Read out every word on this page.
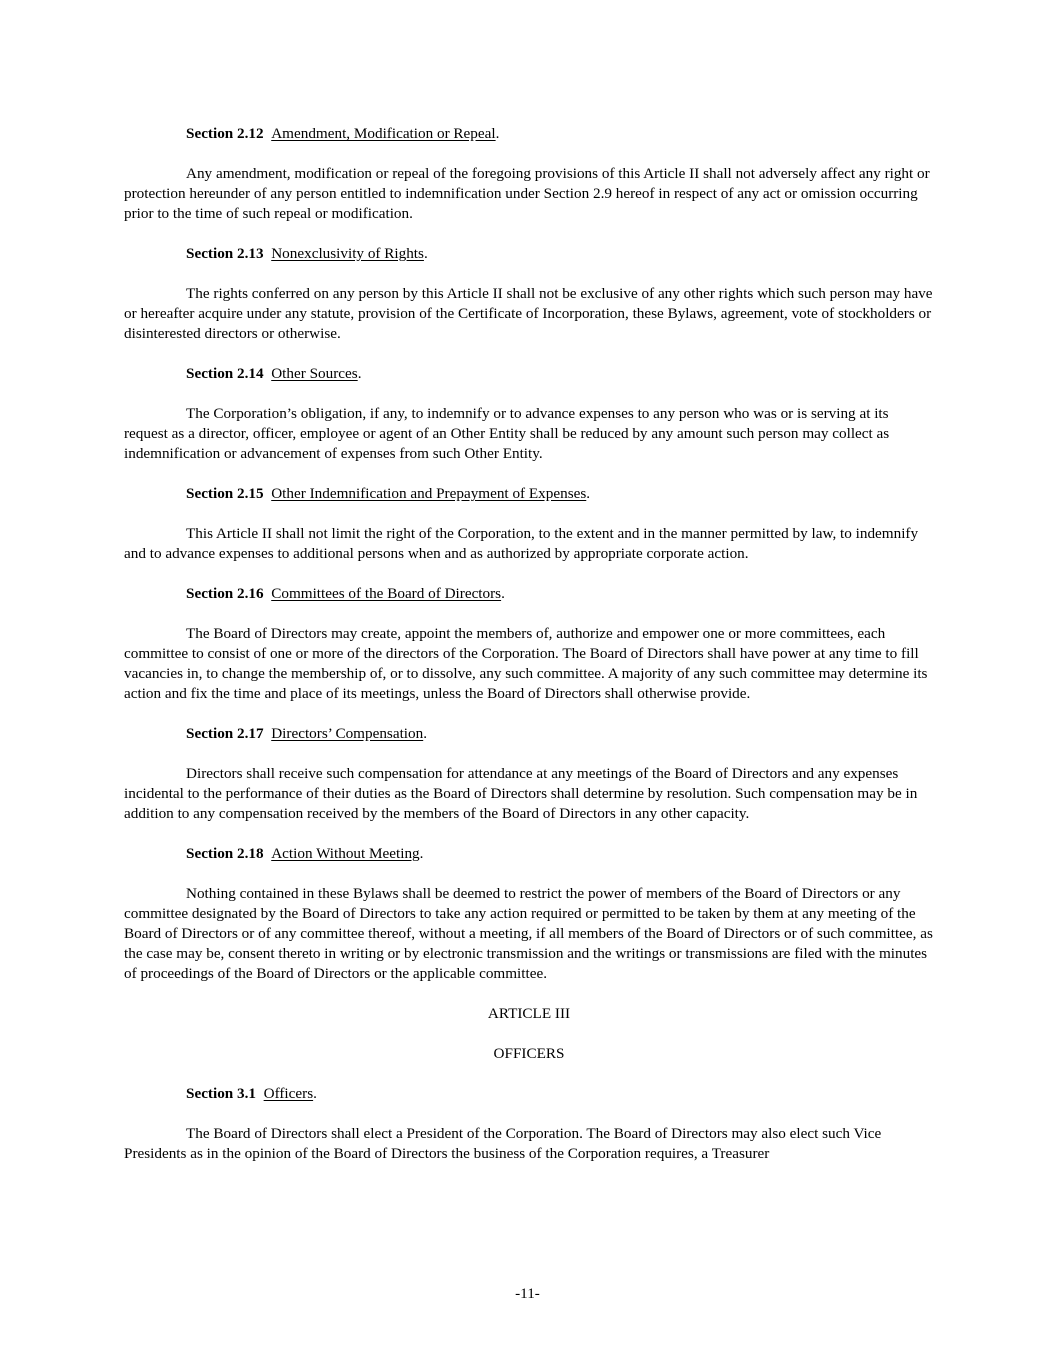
Section 2.12 Amendment, Modification or Repeal.
Any amendment, modification or repeal of the foregoing provisions of this Article II shall not adversely affect any right or protection hereunder of any person entitled to indemnification under Section 2.9 hereof in respect of any act or omission occurring prior to the time of such repeal or modification.
Section 2.13 Nonexclusivity of Rights.
The rights conferred on any person by this Article II shall not be exclusive of any other rights which such person may have or hereafter acquire under any statute, provision of the Certificate of Incorporation, these Bylaws, agreement, vote of stockholders or disinterested directors or otherwise.
Section 2.14 Other Sources.
The Corporation’s obligation, if any, to indemnify or to advance expenses to any person who was or is serving at its request as a director, officer, employee or agent of an Other Entity shall be reduced by any amount such person may collect as indemnification or advancement of expenses from such Other Entity.
Section 2.15 Other Indemnification and Prepayment of Expenses.
This Article II shall not limit the right of the Corporation, to the extent and in the manner permitted by law, to indemnify and to advance expenses to additional persons when and as authorized by appropriate corporate action.
Section 2.16 Committees of the Board of Directors.
The Board of Directors may create, appoint the members of, authorize and empower one or more committees, each committee to consist of one or more of the directors of the Corporation. The Board of Directors shall have power at any time to fill vacancies in, to change the membership of, or to dissolve, any such committee. A majority of any such committee may determine its action and fix the time and place of its meetings, unless the Board of Directors shall otherwise provide.
Section 2.17 Directors’ Compensation.
Directors shall receive such compensation for attendance at any meetings of the Board of Directors and any expenses incidental to the performance of their duties as the Board of Directors shall determine by resolution. Such compensation may be in addition to any compensation received by the members of the Board of Directors in any other capacity.
Section 2.18 Action Without Meeting.
Nothing contained in these Bylaws shall be deemed to restrict the power of members of the Board of Directors or any committee designated by the Board of Directors to take any action required or permitted to be taken by them at any meeting of the Board of Directors or of any committee thereof, without a meeting, if all members of the Board of Directors or of such committee, as the case may be, consent thereto in writing or by electronic transmission and the writings or transmissions are filed with the minutes of proceedings of the Board of Directors or the applicable committee.
ARTICLE III
OFFICERS
Section 3.1 Officers.
The Board of Directors shall elect a President of the Corporation. The Board of Directors may also elect such Vice Presidents as in the opinion of the Board of Directors the business of the Corporation requires, a Treasurer
-11-
